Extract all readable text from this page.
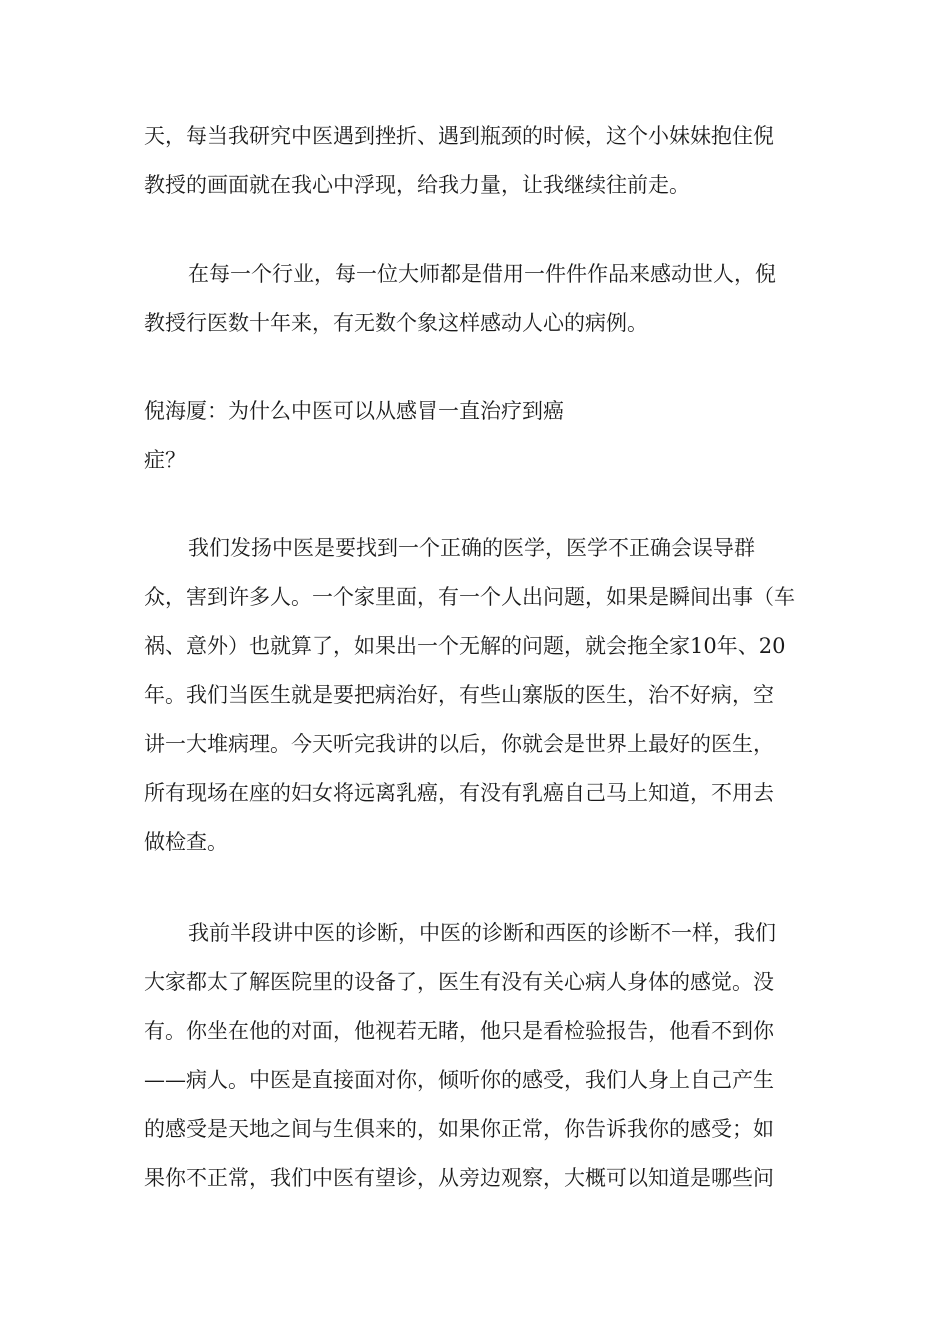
天，每当我研究中医遇到挫折、遇到瓶颈的时候，这个小妹妹抱住倪
教授的画面就在我心中浮现，给我力量，让我继续往前走。
在每一个行业，每一位大师都是借用一件件作品来感动世人，倪
教授行医数十年来，有无数个象这样感动人心的病例。
倪海厦：为什么中医可以从感冒一直治疗到癌
症？
我们发扬中医是要找到一个正确的医学，医学不正确会误导群
众，害到许多人。一个家里面，有一个人出问题，如果是瞬间出事（车
祸、意外）也就算了，如果出一个无解的问题，就会拖全家10年、20
年。我们当医生就是要把病治好，有些山寨版的医生，治不好病，空
讲一大堆病理。今天听完我讲的以后，你就会是世界上最好的医生，
所有现场在座的妇女将远离乳癌，有没有乳癌自己马上知道，不用去
做检查。
我前半段讲中医的诊断，中医的诊断和西医的诊断不一样，我们
大家都太了解医院里的设备了，医生有没有关心病人身体的感觉。没
有。你坐在他的对面，他视若无睹，他只是看检验报告，他看不到你
——病人。中医是直接面对你，倾听你的感受，我们人身上自己产生
的感受是天地之间与生俱来的，如果你正常，你告诉我你的感受；如
果你不正常，我们中医有望诊，从旁边观察，大概可以知道是哪些问
